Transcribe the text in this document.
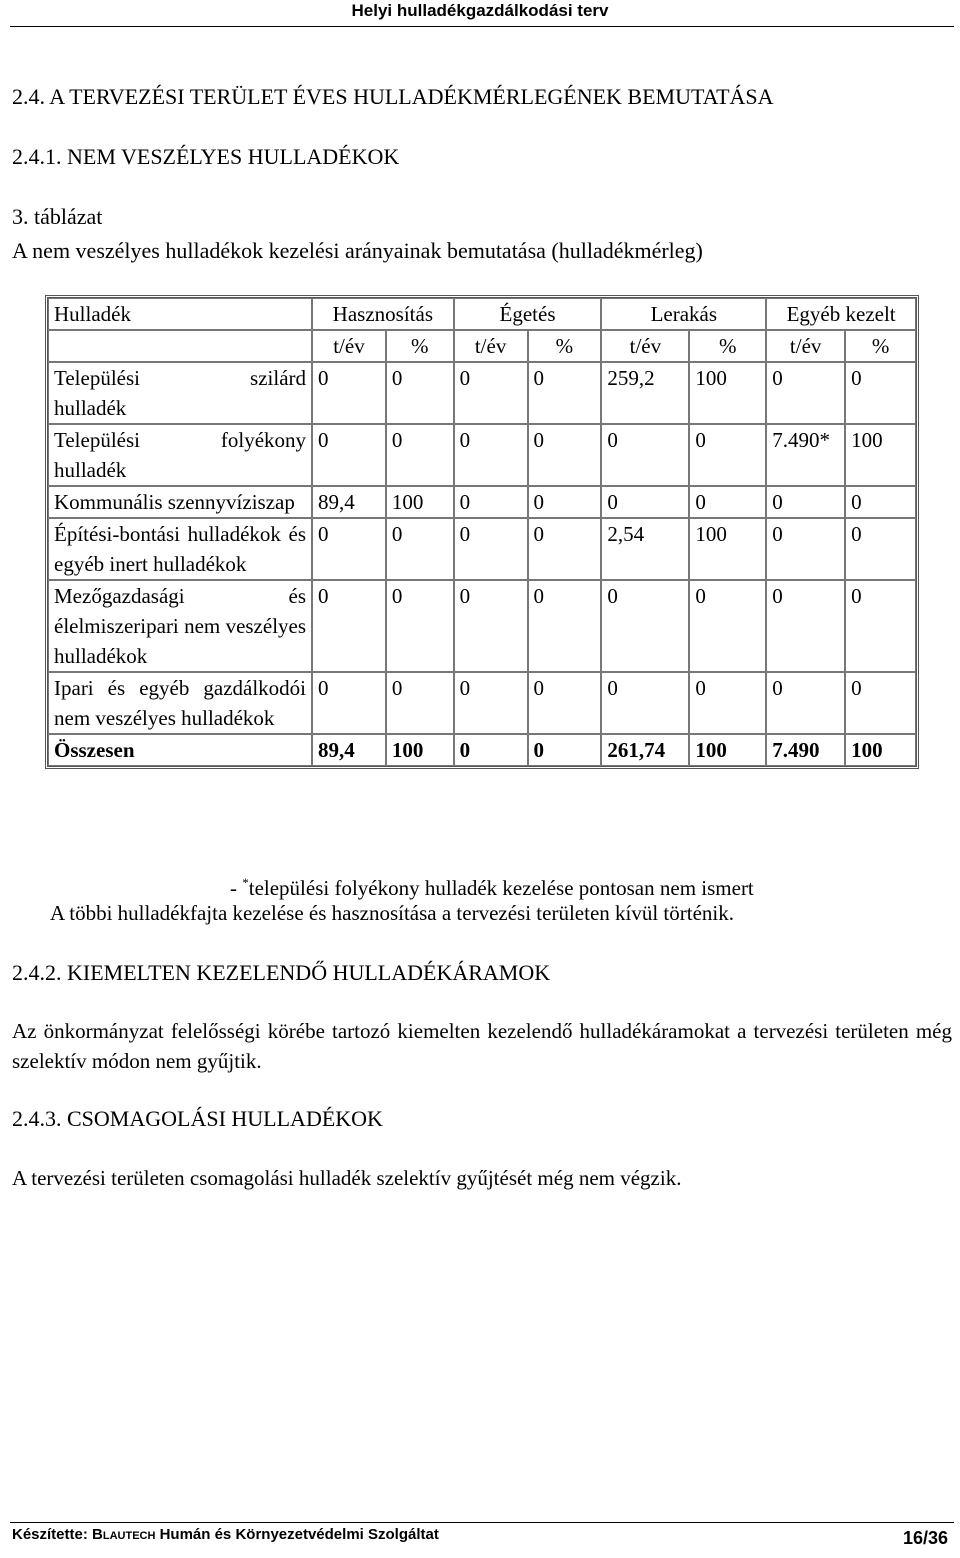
Helyi hulladékgazdálkodási terv
2.4. A TERVEZÉSI TERÜLET ÉVES HULLADÉKMÉRLEGÉNEK BEMUTATÁSA
2.4.1. NEM VESZÉLYES HULLADÉKOK
3. táblázat
A nem veszélyes hulladékok kezelési arányainak bemutatása (hulladékmérleg)
Hulladék	Hasznosítás		Égetés		Lerakás		Egyéb kezelt	
	t/év	%	t/év	%	t/év	%	t/év	%

Települési szilárd
hulladék	0	0	0	0	259,2	100	0	0

Települési folyékony
hulladék	0	0	0	0	0	0	7.490*	100
Kommunális szennyvíziszap	89,4	100	0	0	0	0	0	0
Építési-bontási hulladékok és egyéb inert hulladékok	0	0	0	0	2,54	100	0	0
Mezőgazdasági és élelmiszeripari nem veszélyes hulladékok	0	0	0	0	0	0	0	0
Ipari és egyéb gazdálkodói nem veszélyes hulladékok	0	0	0	0	0	0	0	0
Összesen	89,4	100	0	0	261,74	100	7.490	100
- *települési folyékony hulladék kezelése pontosan nem ismert
A többi hulladékfajta kezelése és hasznosítása a tervezési területen kívül történik.
2.4.2. KIEMELTEN KEZELENDŐ HULLADÉKÁRAMOK
Az önkormányzat felelősségi körébe tartozó kiemelten kezelendő hulladékáramokat a tervezési területen még szelektív módon nem gyűjtik.
2.4.3. CSOMAGOLÁSI HULLADÉKOK
A tervezési területen csomagolási hulladék szelektív gyűjtését még nem végzik.
Készítette: Blautech Humán és Környezetvédelmi Szolgáltat	16/36
